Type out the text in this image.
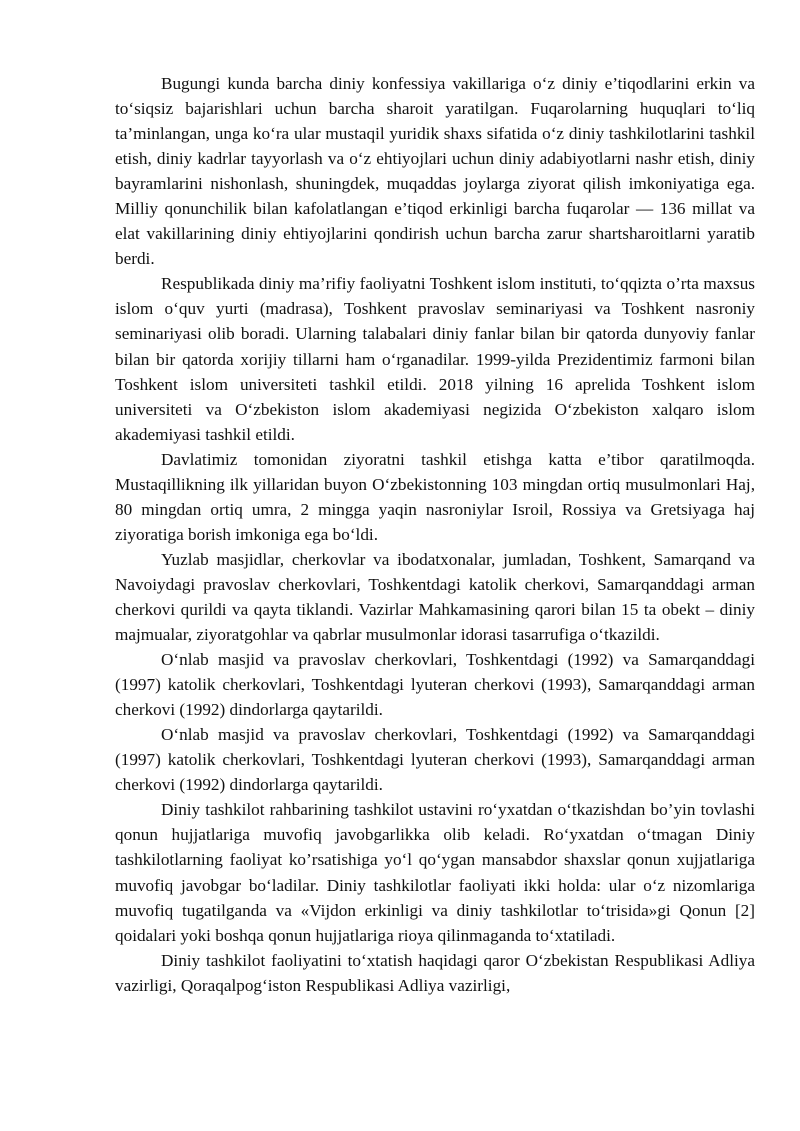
Bugungi kunda barcha diniy konfessiya vakillariga o‘z diniy e’tiqodlarini erkin va to‘siqsiz bajarishlari uchun barcha sharoit yaratilgan. Fuqarolarning huquqlari to‘liq ta’minlangan, unga ko‘ra ular mustaqil yuridik shaxs sifatida o‘z diniy tashkilotlarini tashkil etish, diniy kadrlar tayyorlash va o‘z ehtiyojlari uchun diniy adabiyotlarni nashr etish, diniy bayramlarini nishonlash, shuningdek, muqaddas joylarga ziyorat qilish imkoniyatiga ega. Milliy qonunchilik bilan kafolatlangan e’tiqod erkinligi barcha fuqarolar — 136 millat va elat vakillarining diniy ehtiyojlarini qondirish uchun barcha zarur shartsharoitlarni yaratib berdi.

Respublikada diniy ma’rifiy faoliyatni Toshkent islom instituti, to‘qqizta o’rta maxsus islom o‘quv yurti (madrasa), Toshkent pravoslav seminariyasi va Toshkent nasroniy seminariyasi olib boradi. Ularning talabalari diniy fanlar bilan bir qatorda dunyoviy fanlar bilan bir qatorda xorijiy tillarni ham o‘rganadilar. 1999-yilda Prezidentimiz farmoni bilan Toshkent islom universiteti tashkil etildi. 2018 yilning 16 aprelida Toshkent islom universiteti va O‘zbekiston islom akademiyasi negizida O‘zbekiston xalqaro islom akademiyasi tashkil etildi.

Davlatimiz tomonidan ziyoratni tashkil etishga katta e’tibor qaratilmoqda. Mustaqillikning ilk yillaridan buyon O‘zbekistonning 103 mingdan ortiq musulmonlari Haj, 80 mingdan ortiq umra, 2 mingga yaqin nasroniylar Isroil, Rossiya va Gretsiyaga haj ziyoratiga borish imkoniga ega bo‘ldi.

Yuzlab masjidlar, cherkovlar va ibodatxonalar, jumladan, Toshkent, Samarqand va Navoiydagi pravoslav cherkovlari, Toshkentdagi katolik cherkovi, Samarqanddagi arman cherkovi qurildi va qayta tiklandi. Vazirlar Mahkamasining qarori bilan 15 ta obekt – diniy majmualar, ziyoratgohlar va qabrlar musulmonlar idorasi tasarrufiga o‘tkazildi.

O‘nlab masjid va pravoslav cherkovlari, Toshkentdagi (1992) va Samarqanddagi (1997) katolik cherkovlari, Toshkentdagi lyuteran cherkovi (1993), Samarqanddagi arman cherkovi (1992) dindorlarga qaytarildi.

O‘nlab masjid va pravoslav cherkovlari, Toshkentdagi (1992) va Samarqanddagi (1997) katolik cherkovlari, Toshkentdagi lyuteran cherkovi (1993), Samarqanddagi arman cherkovi (1992) dindorlarga qaytarildi.

Diniy tashkilot rahbarining tashkilot ustavini ro‘yxatdan o‘tkazishdan bo’yin tovlashi qonun hujjatlariga muvofiq javobgarlikka olib keladi. Ro‘yxatdan o‘tmagan Diniy tashkilotlarning faoliyat ko’rsatishiga yo‘l qo‘ygan mansabdor shaxslar qonun xujjatlariga muvofiq javobgar bo‘ladilar. Diniy tashkilotlar faoliyati ikki holda: ular o‘z nizomlariga muvofiq tugatilganda va «Vijdon erkinligi va diniy tashkilotlar to‘trisida»gi Qonun [2] qoidalari yoki boshqa qonun hujjatlariga rioya qilinmaganda to‘xtatiladi.

Diniy tashkilot faoliyatini to‘xtatish haqidagi qaror O‘zbekistan Respublikasi Adliya vazirligi, Qoraqalpog‘iston Respublikasi Adliya vazirligi,
